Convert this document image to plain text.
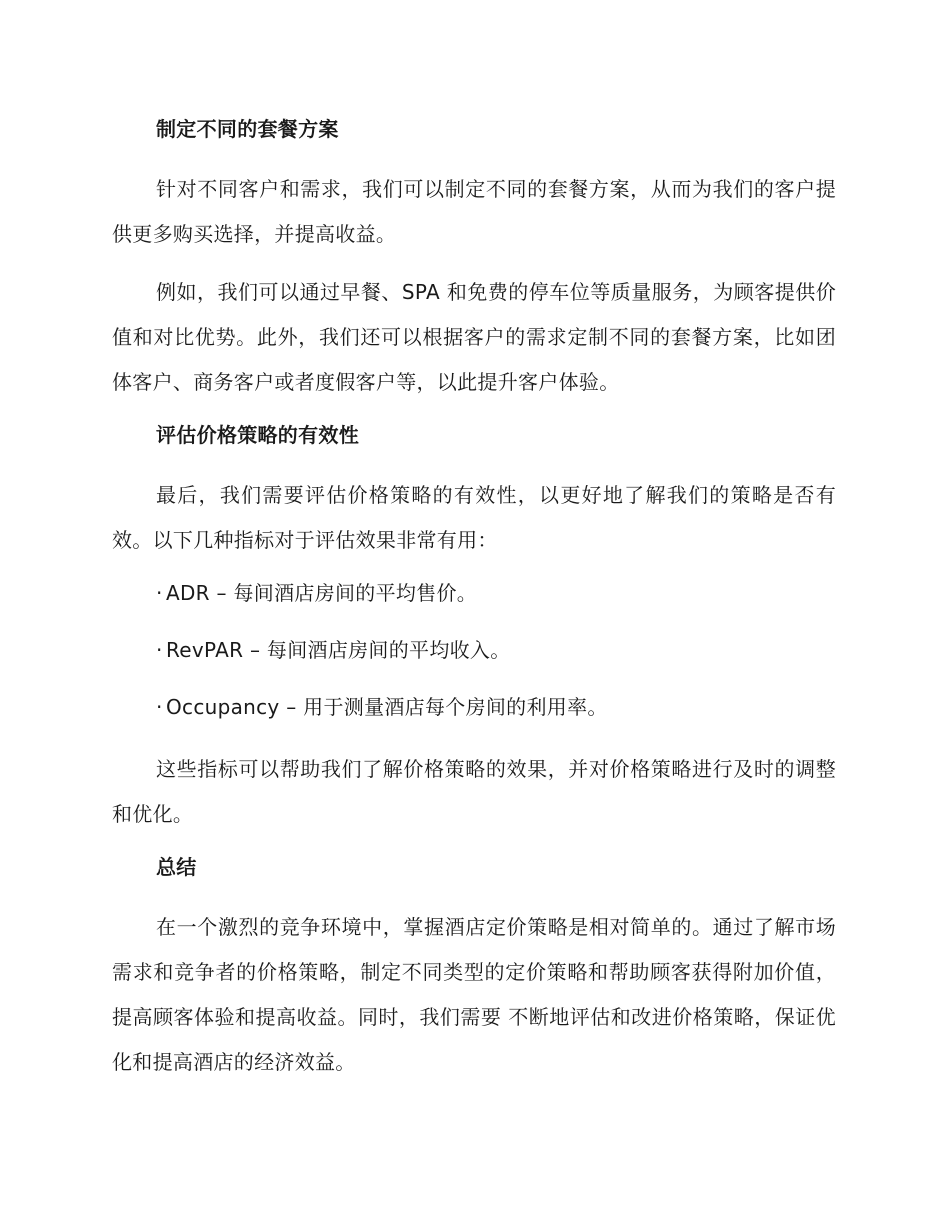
制定不同的套餐方案

针对不同客户和需求，我们可以制定不同的套餐方案，从而为我们的客户提供更多购买选择，并提高收益。

例如，我们可以通过早餐、SPA 和免费的停车位等质量服务，为顾客提供价值和对比优势。此外，我们还可以根据客户的需求定制不同的套餐方案，比如团体客户、商务客户或者度假客户等，以此提升客户体验。

评估价格策略的有效性

最后，我们需要评估价格策略的有效性，以更好地了解我们的策略是否有效。以下几种指标对于评估效果非常有用：

· ADR – 每间酒店房间的平均售价。
· RevPAR – 每间酒店房间的平均收入。
· Occupancy – 用于测量酒店每个房间的利用率。

这些指标可以帮助我们了解价格策略的效果，并对价格策略进行及时的调整和优化。

总结

在一个激烈的竞争环境中，掌握酒店定价策略是相对简单的。通过了解市场需求和竞争者的价格策略，制定不同类型的定价策略和帮助顾客获得附加价值，提高顾客体验和提高收益。同时，我们需要 不断地评估和改进价格策略，保证优化和提高酒店的经济效益。
